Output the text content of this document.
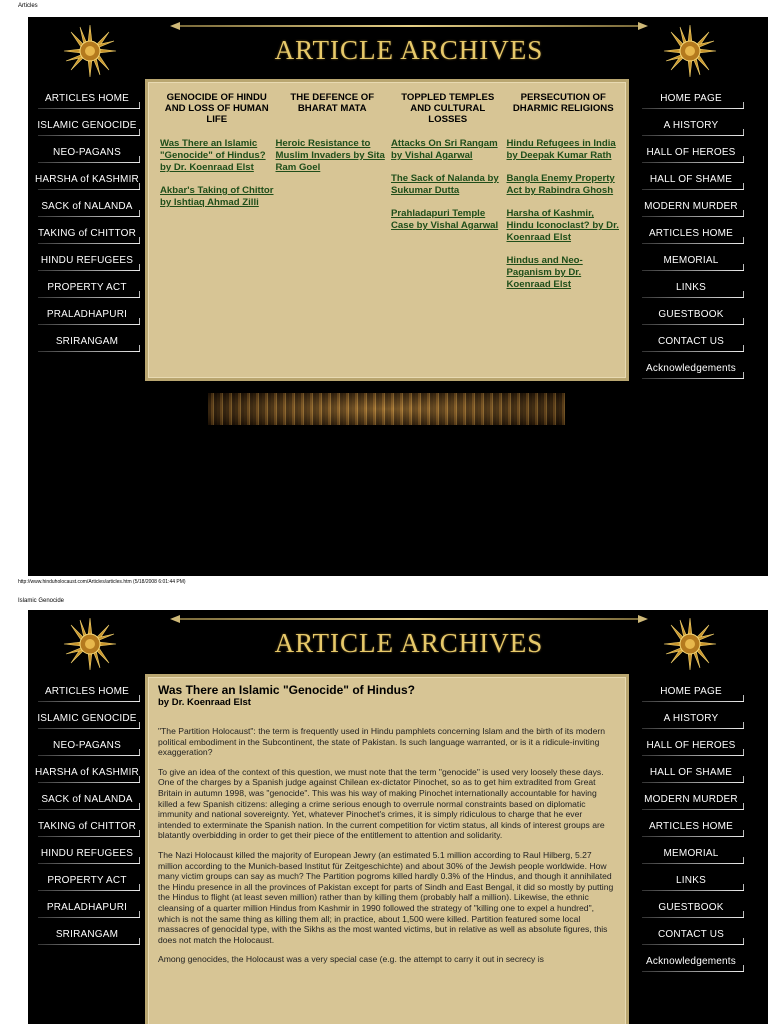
Articles
ARTICLE ARCHIVES
ARTICLES HOME
ISLAMIC GENOCIDE
NEO-PAGANS
HARSHA of KASHMIR
SACK of NALANDA
TAKING of CHITTOR
HINDU REFUGEES
PROPERTY ACT
PRALADHAPURI
SRIRANGAM
HOME PAGE
A HISTORY
HALL OF HEROES
HALL OF SHAME
MODERN MURDER
ARTICLES HOME
MEMORIAL
LINKS
GUESTBOOK
CONTACT US
Acknowledgements
GENOCIDE OF HINDU AND LOSS OF HUMAN LIFE
Was There an Islamic "Genocide" of Hindus? by Dr. Koenraad Elst
Akbar's Taking of Chittor by Ishtiaq Ahmad Zilli
THE DEFENCE OF BHARAT MATA
Heroic Resistance to Muslim Invaders by Sita Ram Goel
TOPPLED TEMPLES AND CULTURAL LOSSES
Attacks On Sri Rangam by Vishal Agarwal
The Sack of Nalanda by Sukumar Dutta
Prahladapuri Temple Case by Vishal Agarwal
PERSECUTION OF DHARMIC RELIGIONS
Hindu Refugees in India by Deepak Kumar Rath
Bangla Enemy Property Act by Rabindra Ghosh
Harsha of Kashmir, Hindu Iconoclast? by Dr. Koenraad Elst
Hindus and Neo-Paganism by Dr. Koenraad Elst
http://www.hinduholocaust.com/Articles/articles.htm (5/18/2008 6:01:44 PM)
Islamic Genocide
ARTICLE ARCHIVES
ARTICLES HOME
ISLAMIC GENOCIDE
NEO-PAGANS
HARSHA of KASHMIR
SACK of NALANDA
TAKING of CHITTOR
HINDU REFUGEES
PROPERTY ACT
PRALADHAPURI
SRIRANGAM
HOME PAGE
A HISTORY
HALL OF HEROES
HALL OF SHAME
MODERN MURDER
ARTICLES HOME
MEMORIAL
LINKS
GUESTBOOK
CONTACT US
Acknowledgements
Was There an Islamic "Genocide" of Hindus?
by Dr. Koenraad Elst

"The Partition Holocaust": the term is frequently used in Hindu pamphlets concerning Islam and the birth of its modern political embodiment in the Subcontinent, the state of Pakistan. Is such language warranted, or is it a ridicule-inviting exaggeration?

To give an idea of the context of this question, we must note that the term "genocide" is used very loosely these days. One of the charges by a Spanish judge against Chilean ex-dictator Pinochet, so as to get him extradited from Great Britain in autumn 1998, was "genocide". This was his way of making Pinochet internationally accountable for having killed a few Spanish citizens: alleging a crime serious enough to overrule normal constraints based on diplomatic immunity and national sovereignty. Yet, whatever Pinochet's crimes, it is simply ridiculous to charge that he ever intended to exterminate the Spanish nation. In the current competition for victim status, all kinds of interest groups are blatantly overbidding in order to get their piece of the entitlement to attention and solidarity.

The Nazi Holocaust killed the majority of European Jewry (an estimated 5.1 million according to Raul Hilberg, 5.27 million according to the Munich-based Institut für Zeitgeschichte) and about 30% of the Jewish people worldwide. How many victim groups can say as much? The Partition pogroms killed hardly 0.3% of the Hindus, and though it annihilated the Hindu presence in all the provinces of Pakistan except for parts of Sindh and East Bengal, it did so mostly by putting the Hindus to flight (at least seven million) rather than by killing them (probably half a million). Likewise, the ethnic cleansing of a quarter million Hindus from Kashmir in 1990 followed the strategy of "killing one to expel a hundred", which is not the same thing as killing them all; in practice, about 1,500 were killed. Partition featured some local massacres of genocidal type, with the Sikhs as the most wanted victims, but in relative as well as absolute figures, this does not match the Holocaust.

Among genocides, the Holocaust was a very special case (e.g. the attempt to carry it out in secrecy is
